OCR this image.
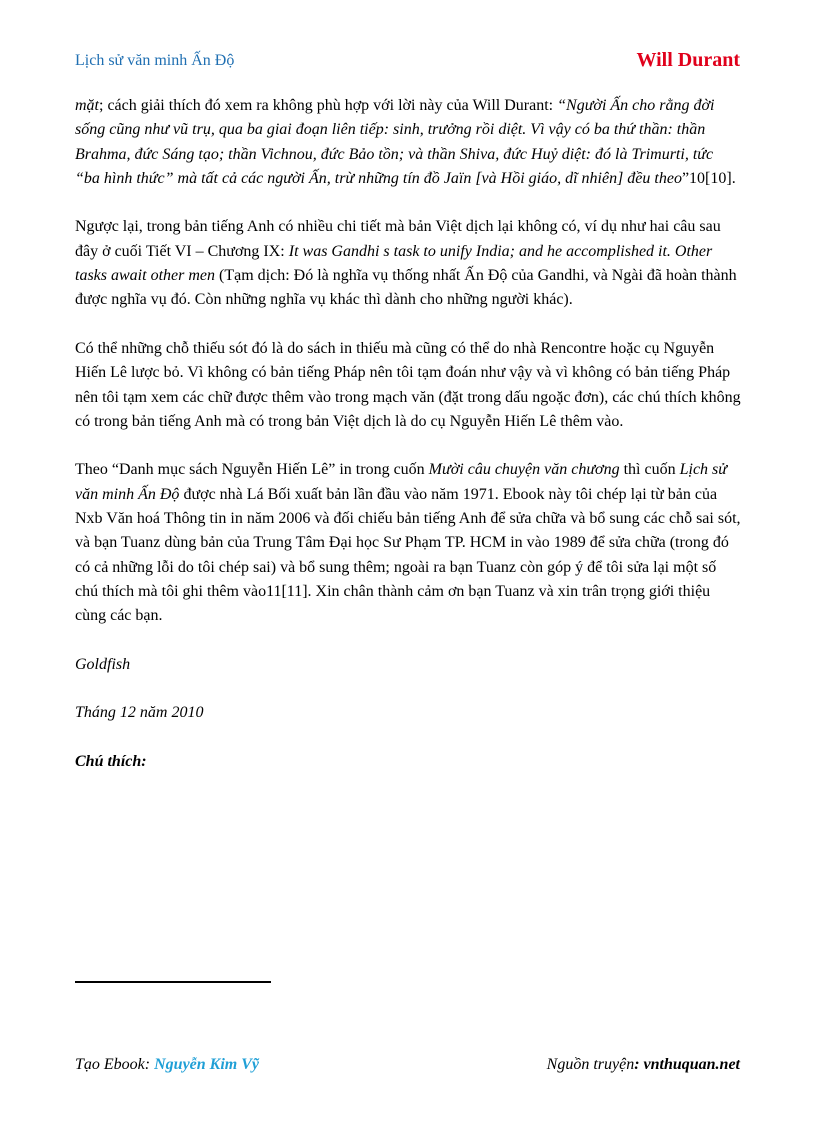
Lịch sử văn minh Ấn Độ	Will Durant

mặt; cách giải thích đó xem ra không phù hợp với lời này của Will Durant: “Người Ấn cho rằng đời sống cũng như vũ trụ, qua ba giai đoạn liên tiếp: sinh, trưởng rồi diệt. Vì vậy có ba thứ thần: thần Brahma, đức Sáng tạo; thần Vichnou, đức Bảo tồn; và thần Shiva, đức Huỷ diệt: đó là Trimurti, tức “ba hình thức” mà tất cả các người Ấn, trừ những tín đồ Jaïn [và Hồi giáo, dĩ nhiên] đều theo”10[10].

Ngược lại, trong bản tiếng Anh có nhiều chi tiết mà bản Việt dịch lại không có, ví dụ như hai câu sau đây ở cuối Tiết VI – Chương IX: It was Gandhi s task to unify India; and he accomplished it. Other tasks await other men (Tạm dịch: Đó là nghĩa vụ thống nhất Ấn Độ của Gandhi, và Ngài đã hoàn thành được nghĩa vụ đó. Còn những nghĩa vụ khác thì dành cho những người khác).

Có thể những chỗ thiếu sót đó là do sách in thiếu mà cũng có thể do nhà Rencontre hoặc cụ Nguyễn Hiến Lê lược bỏ. Vì không có bản tiếng Pháp nên tôi tạm đoán như vậy và vì không có bản tiếng Pháp nên tôi tạm xem các chữ được thêm vào trong mạch văn (đặt trong dấu ngoặc đơn), các chú thích không có trong bản tiếng Anh mà có trong bản Việt dịch là do cụ Nguyễn Hiến Lê thêm vào.

Theo “Danh mục sách Nguyễn Hiến Lê” in trong cuốn Mười câu chuyện văn chương thì cuốn Lịch sử văn minh Ấn Độ được nhà Lá Bối xuất bản lần đầu vào năm 1971. Ebook này tôi chép lại từ bản của Nxb Văn hoá Thông tin in năm 2006 và đối chiếu bản tiếng Anh để sửa chữa và bổ sung các chỗ sai sót, và bạn Tuanz dùng bản của Trung Tâm Đại học Sư Phạm TP. HCM in vào 1989 để sửa chữa (trong đó có cả những lỗi do tôi chép sai) và bổ sung thêm; ngoài ra bạn Tuanz còn góp ý để tôi sửa lại một số chú thích mà tôi ghi thêm vào11[11]. Xin chân thành cảm ơn bạn Tuanz và xin trân trọng giới thiệu cùng các bạn.

Goldfish

Tháng 12 năm 2010

Chú thích:

Tạo Ebook: Nguyễn Kim Vỹ	Nguồn truyện: vnthuquan.net
